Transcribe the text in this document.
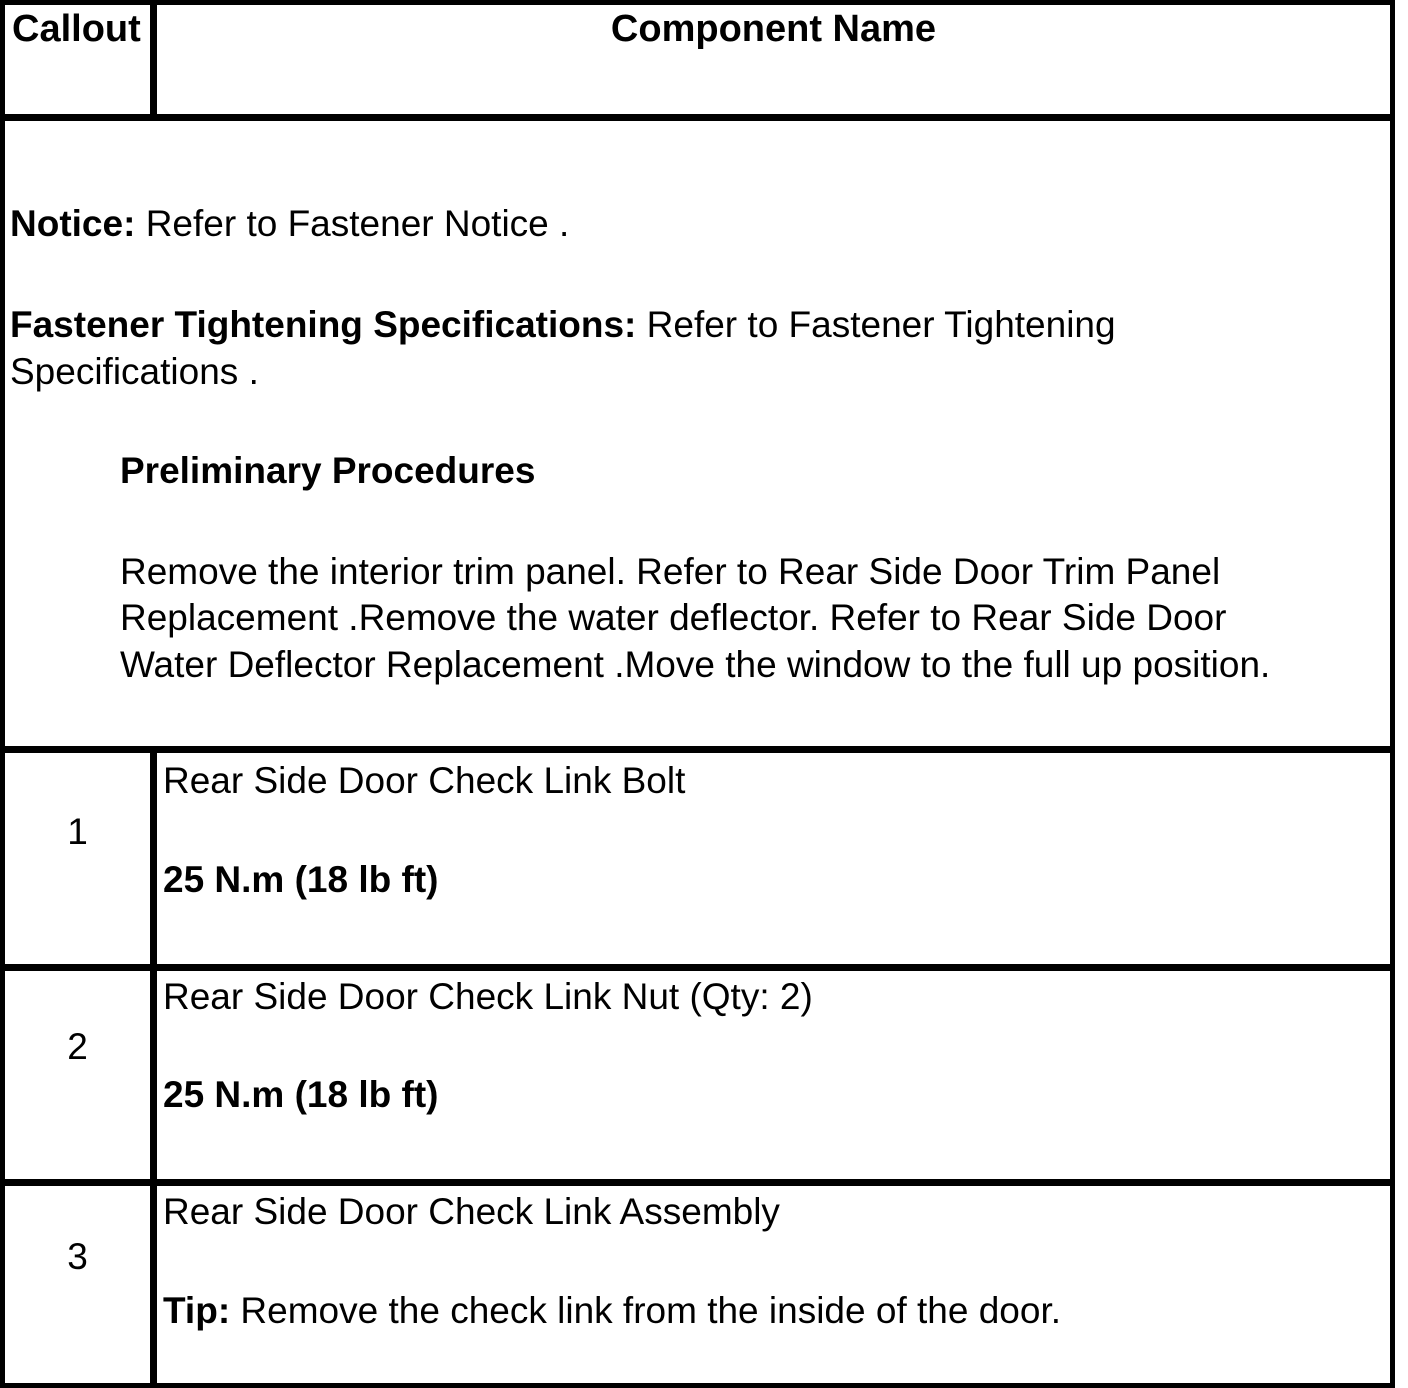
Callout	Component Name
Notice: Refer to Fastener Notice .
Fastener Tightening Specifications: Refer to Fastener Tightening
Specifications .
Preliminary Procedures
Remove the interior trim panel. Refer to Rear Side Door Trim Panel
Replacement .Remove the water deflector. Refer to Rear Side Door
Water Deflector Replacement .Move the window to the full up position.
1
Rear Side Door Check Link Bolt
25 N.m (18 lb ft)
2
Rear Side Door Check Link Nut (Qty: 2)
25 N.m (18 lb ft)
3
Rear Side Door Check Link Assembly
Tip: Remove the check link from the inside of the door.
